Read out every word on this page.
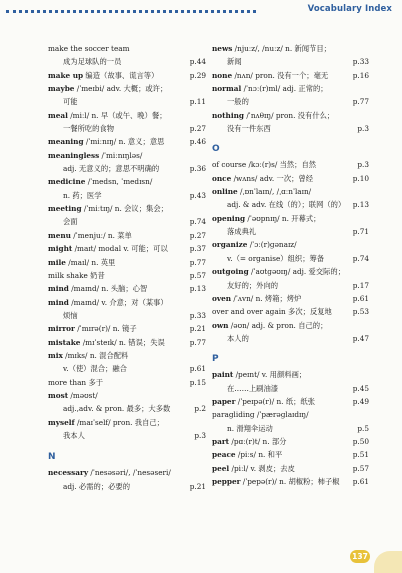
Vocabulary Index
make the soccer team
成为足球队的一员	p.44
make up 编造（故事、谎言等）	p.29
maybe /ˈmeɪbi/ adv. 大概；或许；
可能	p.11
meal /miːl/ n. 早（或午、晚）餐；
一餐所吃的食物	p.27
meaning /ˈmiːnɪŋ/ n. 意义；意思	p.46
meaningless /ˈmiːnɪŋləs/
adj. 无意义的；意思不明确的	p.36
medicine /ˈmedsn, ˈmedɪsn/
n. 药；医学	p.43
meeting /ˈmiːtɪŋ/ n. 会议；集会；
会面	p.74
menu /ˈmenjuː/ n. 菜单	p.27
might /maɪt/ modal v. 可能；可以	p.37
mile /maɪl/ n. 英里	p.77
milk shake 奶昔	p.57
mind /maɪnd/ n. 头脑；心智	p.13
mind /maɪnd/ v. 介意；对（某事）
烦恼	p.33
mirror /ˈmɪrə(r)/ n. 镜子	p.21
mistake /mɪˈsteɪk/ n. 错误；失误	p.77
mix /mɪks/ n. 混合配料
v.（使）混合；融合	p.61
more than 多于	p.15
most /məʊst/
adj.,adv. & pron. 最多；大多数	p.2
myself /maɪˈself/ pron. 我自己；
我本人	p.3
N
necessary /ˈnesəsəri/, /ˈnesəseri/
adj. 必需的；必要的	p.21
news /njuːz/, /nuːz/ n. 新闻节目；
新闻	p.33
none /nʌn/ pron. 没有一个；毫无	p.16
normal /ˈnɔː(r)ml/ adj. 正常的；
一般的	p.77
nothing /ˈnʌθɪŋ/ pron. 没有什么；
没有一件东西	p.3
O
of course /kɔː(r)s/ 当然；自然	p.3
once /wʌns/ adv. 一次；曾经	p.10
online /ˌɒnˈlaɪn/, /ˌɑːnˈlaɪn/
adj. & adv. 在线（的）；联网（的） p.13
opening /ˈəʊpnɪŋ/ n. 开幕式；
落成典礼	p.71
organize /ˈɔː(r)ɡənaɪz/
v.（= organise）组织；筹备	p.74
outgoing /ˈaʊtɡəʊɪŋ/ adj. 爱交际的；
友好的；外向的	p.17
oven /ˈʌvn/ n. 烤箱；烤炉	p.61
over and over again 多次；反复地	p.53
own /əʊn/ adj. & pron. 自己的；
本人的	p.47
P
paint /peɪnt/ v. 用颜料画；
在……上刷油漆	p.45
paper /ˈpeɪpə(r)/ n. 纸；纸张	p.49
paragliding /ˈpærəɡlaɪdɪŋ/
n. 滑翔伞运动	p.5
part /pɑː(r)t/ n. 部分	p.50
peace /piːs/ n. 和平	p.51
peel /piːl/ v. 剥皮；去皮	p.57
pepper /ˈpepə(r)/ n. 胡椒粉；柿子椒 p.61
137
